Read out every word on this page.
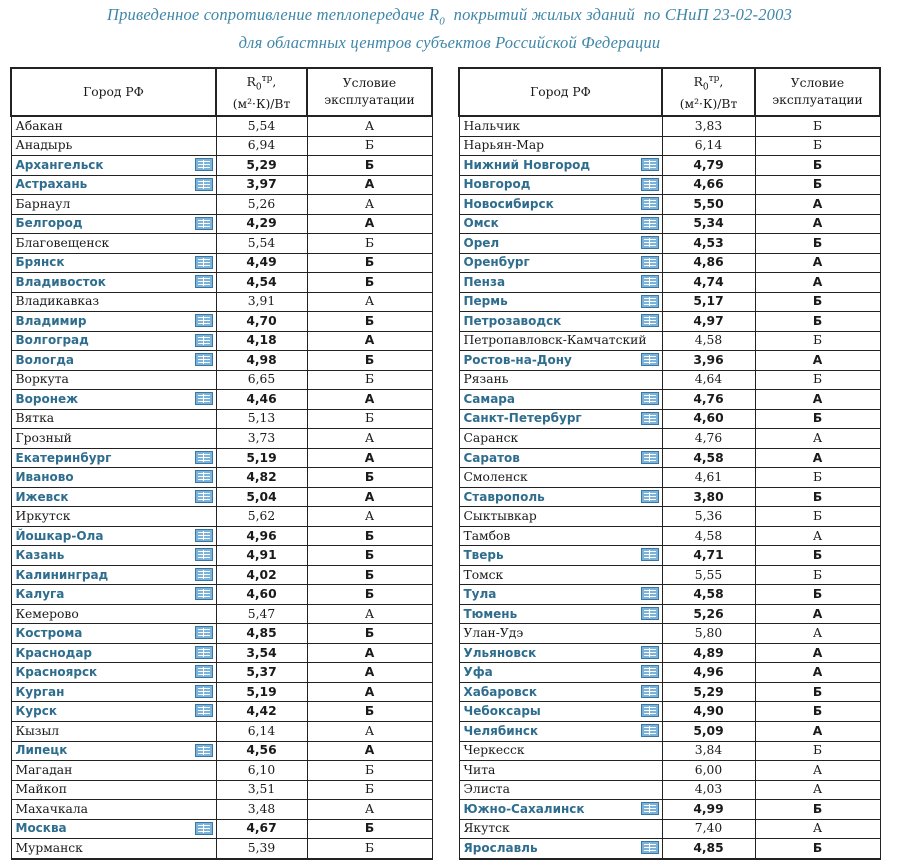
Приведенное сопротивление теплопередаче $R_0$  покрытий жилых зданий  по СНиП 23-02-2003
для областных центров субъектов Российской Федерации
Город РФ	$R_0^{тр}$,
(м²·К)/Вт	Условие
эксплуатации
Абакан	5,54	А
Анадырь	6,94	Б
Архангельск	5,29	Б
Астрахань	3,97	А
Барнаул	5,26	А
Белгород	4,29	А
Благовещенск	5,54	Б
Брянск	4,49	Б
Владивосток	4,54	Б
Владикавказ	3,91	А
Владимир	4,70	Б
Волгоград	4,18	А
Вологда	4,98	Б
Воркута	6,65	Б
Воронеж	4,46	А
Вятка	5,13	Б
Грозный	3,73	А
Екатеринбург	5,19	А
Иваново	4,82	Б
Ижевск	5,04	А
Иркутск	5,62	А
Йошкар-Ола	4,96	Б
Казань	4,91	Б
Калининград	4,02	Б
Калуга	4,60	Б
Кемерово	5,47	А
Кострома	4,85	Б
Краснодар	3,54	А
Красноярск	5,37	А
Курган	5,19	А
Курск	4,42	Б
Кызыл	6,14	А
Липецк	4,56	А
Магадан	6,10	Б
Майкоп	3,51	Б
Махачкала	3,48	А
Москва	4,67	Б
Мурманск	5,39	Б
Город РФ	$R_0^{тр}$,
(м²·К)/Вт	Условие
эксплуатации
Нальчик	3,83	Б
Нарьян-Мар	6,14	Б
Нижний Новгород	4,79	Б
Новгород	4,66	Б
Новосибирск	5,50	А
Омск	5,34	А
Орел	4,53	Б
Оренбург	4,86	А
Пенза	4,74	А
Пермь	5,17	Б
Петрозаводск	4,97	Б
Петропавловск-Камчатский	4,58	Б
Ростов-на-Дону	3,96	А
Рязань	4,64	Б
Самара	4,76	А
Санкт-Петербург	4,60	Б
Саранск	4,76	А
Саратов	4,58	А
Смоленск	4,61	Б
Ставрополь	3,80	Б
Сыктывкар	5,36	Б
Тамбов	4,58	А
Тверь	4,71	Б
Томск	5,55	Б
Тула	4,58	Б
Тюмень	5,26	А
Улан-Удэ	5,80	А
Ульяновск	4,89	А
Уфа	4,96	А
Хабаровск	5,29	Б
Чебоксары	4,90	Б
Челябинск	5,09	А
Черкесск	3,84	Б
Чита	6,00	А
Элиста	4,03	А
Южно-Сахалинск	4,99	Б
Якутск	7,40	А
Ярославль	4,85	Б
